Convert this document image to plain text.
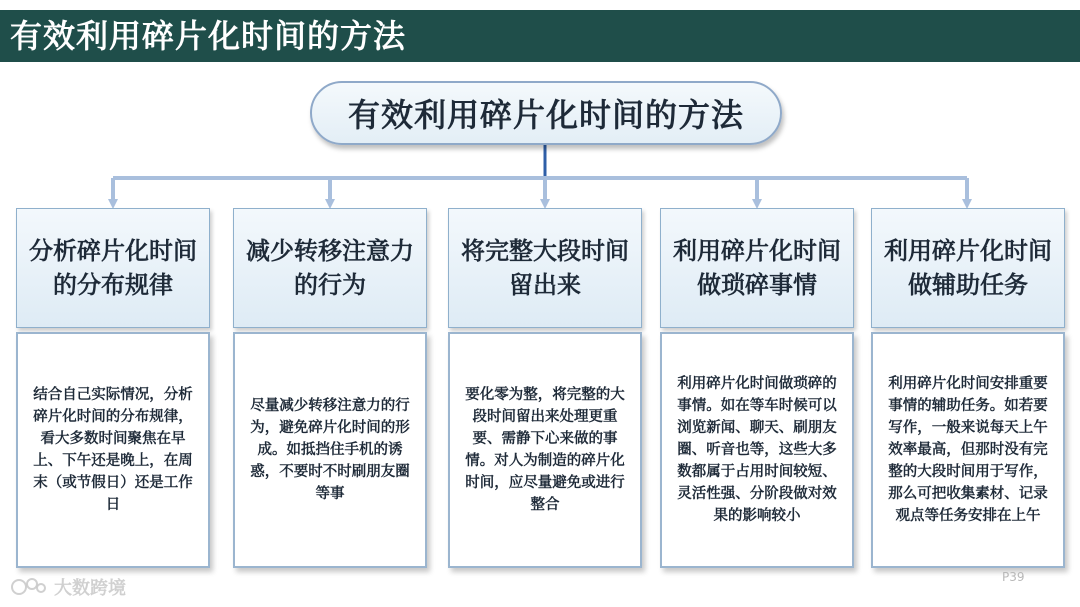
有效利用碎片化时间的方法
有效利用碎片化时间的方法
分析碎片化时间的分布规律
结合自己实际情况，分析碎片化时间的分布规律，看大多数时间聚焦在早上、下午还是晚上，在周末（或节假日）还是工作日
减少转移注意力的行为
尽量减少转移注意力的行为，避免碎片化时间的形成。如抵挡住手机的诱惑，不要时不时刷朋友圈等事
将完整大段时间留出来
要化零为整，将完整的大段时间留出来处理更重要、需静下心来做的事情。对人为制造的碎片化时间，应尽量避免或进行整合
利用碎片化时间做琐碎事情
利用碎片化时间做琐碎的事情。如在等车时候可以浏览新闻、聊天、刷朋友圈、听音也等，这些大多数都属于占用时间较短、灵活性强、分阶段做对效果的影响较小
利用碎片化时间做辅助任务
利用碎片化时间安排重要事情的辅助任务。如若要写作，一般来说每天上午效率最高，但那时没有完整的大段时间用于写作，那么可把收集素材、记录观点等任务安排在上午
P39
大数跨境
